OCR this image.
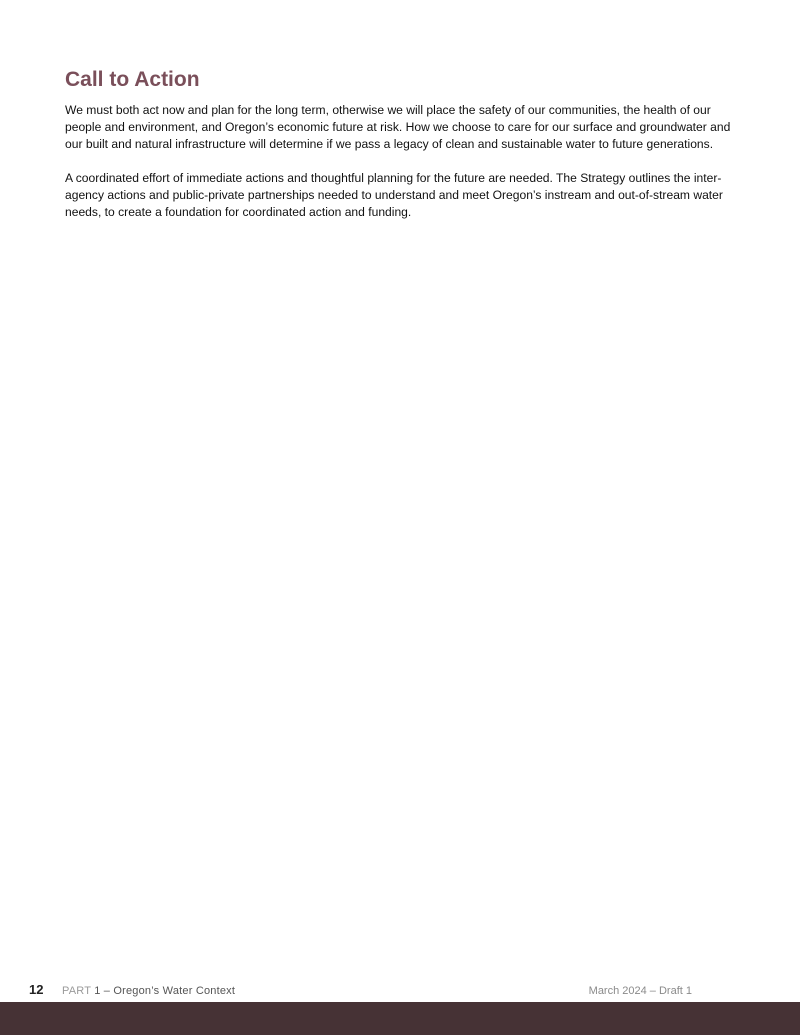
Call to Action

We must both act now and plan for the long term, otherwise we will place the safety of our communities, the health of our people and environment, and Oregon’s economic future at risk. How we choose to care for our surface and groundwater and our built and natural infrastructure will determine if we pass a legacy of clean and sustainable water to future generations.

A coordinated effort of immediate actions and thoughtful planning for the future are needed. The Strategy outlines the inter-agency actions and public-private partnerships needed to understand and meet Oregon’s instream and out-of-stream water needs, to create a foundation for coordinated action and funding.

12 PART 1 – Oregon’s Water Context	March 2024 – Draft 1
